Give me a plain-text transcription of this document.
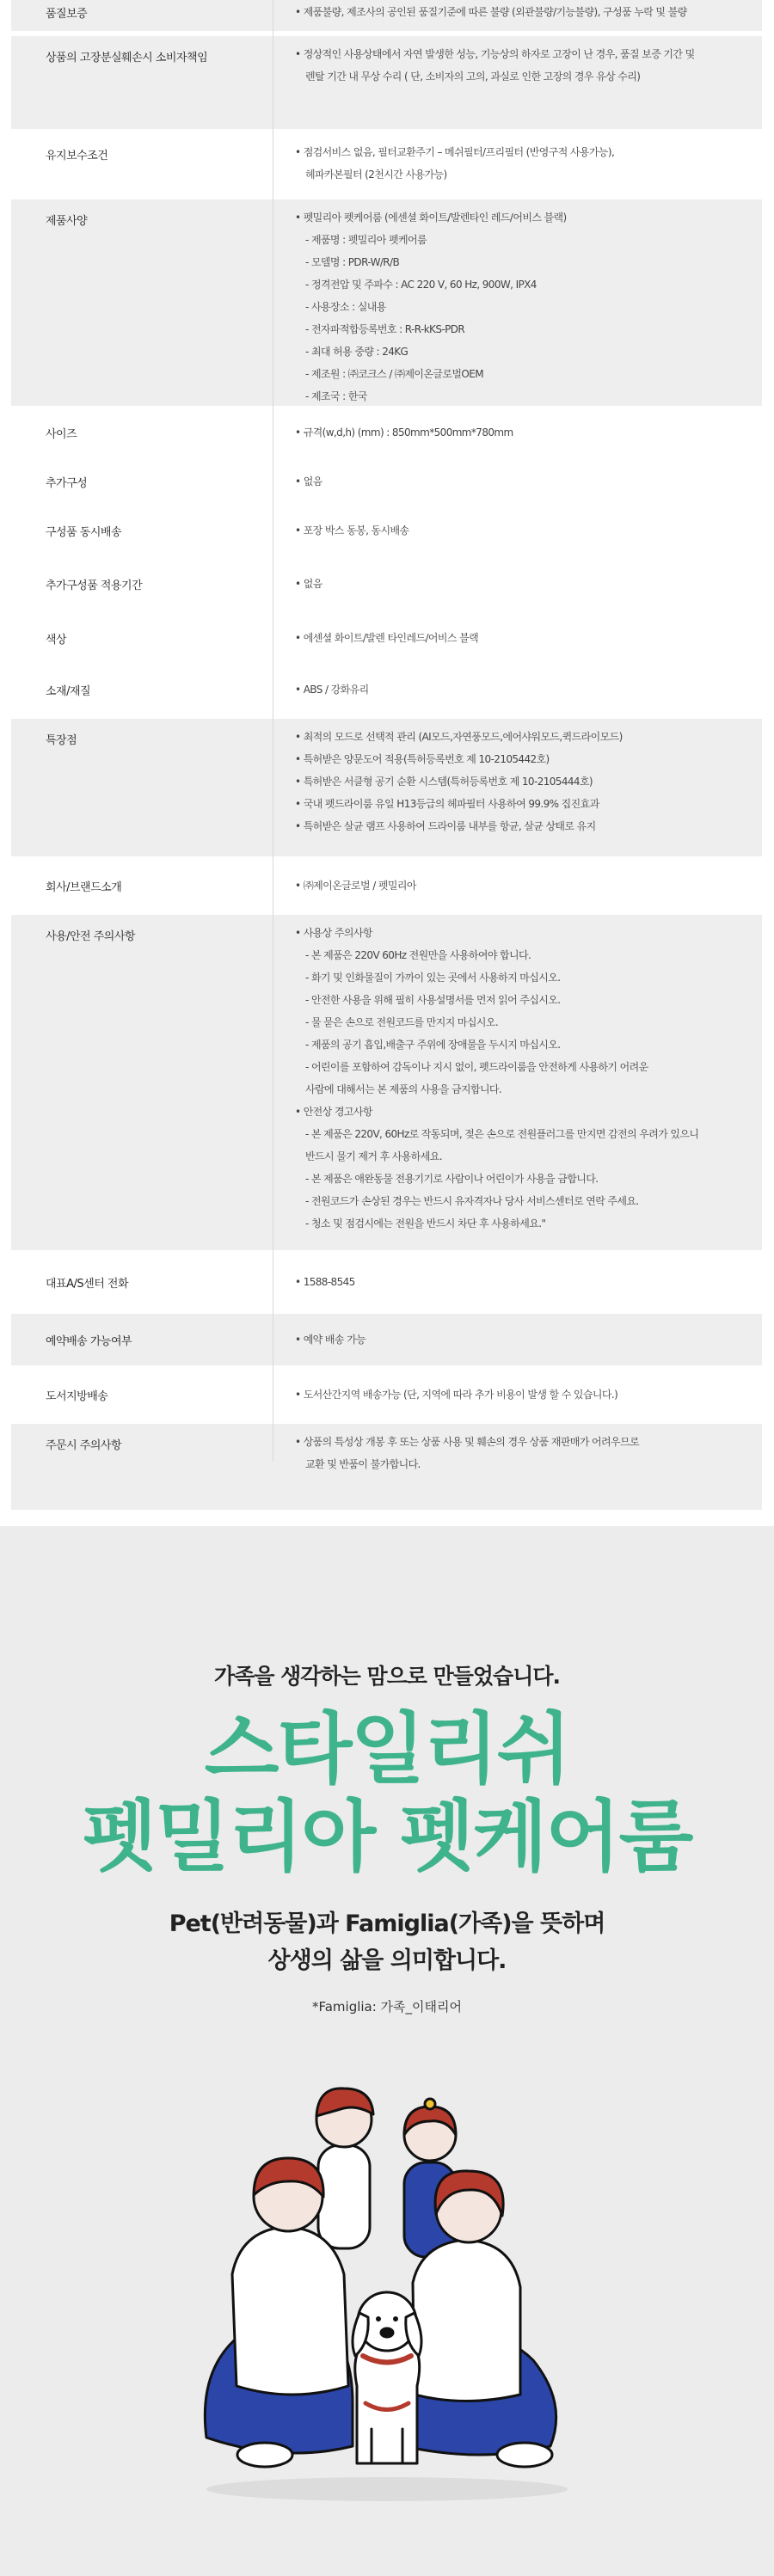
품질보증	• 제품불량, 제조사의 공인된 품질기준에 따른 불량 (외관불량/기능불량), 구성품 누락 및 불량
상품의 고장분실훼손시 소비자책임	• 정상적인 사용상태에서 자연 발생한 성능, 기능상의 하자로 고장이 난 경우, 품질 보증 기간 및
렌탈 기간 내 무상 수리 ( 단, 소비자의 고의, 과실로 인한 고장의 경우 유상 수리)
유지보수조건	• 점검서비스 없음, 필터교환주기 – 메쉬필터/프리필터 (반영구적 사용가능),
헤파카본필터 (2천시간 사용가능)
제품사양	• 펫밀리아 펫케어룸 (에센셜 화이트/발렌타인 레드/어비스 블랙)
- 제품명 : 펫밀리아 펫케어룸
- 모델명 : PDR-W/R/B
- 정격전압 및 주파수 : AC 220 V, 60 Hz, 900W, IPX4
- 사용장소 : 실내용
- 전자파적합등록번호 : R-R-kKS-PDR
- 최대 허용 중량 : 24KG
- 제조원 : ㈜코크스 / ㈜제이온글로벌OEM
- 제조국 : 한국
사이즈	• 규격(w,d,h) (mm) : 850mm*500mm*780mm
추가구성	• 없음
구성품 동시배송	• 포장 박스 동봉, 동시배송
추가구성품 적용기간	• 없음
색상	• 에센셜 화이트/발렌 타인레드/어비스 블랙
소재/재질	• ABS / 강화유리
특장점	• 최적의 모드로 선택적 관리 (AI모드,자연풍모드,에어샤워모드,퀵드라이모드)
• 특허받은 양문도어 적용(특허등록번호 제 10-2105442호)
• 특허받은 서클형 공기 순환 시스템(특허등록번호 제 10-2105444호)
• 국내 펫드라이룸 유일 H13등급의 헤파필터 사용하여 99.9% 집진효과
• 특허받은 살균 램프 사용하여 드라이룸 내부를 항균, 살균 상태로 유지
회사/브랜드소개	• ㈜제이온글로벌 / 펫밀리아
사용/안전 주의사항	• 사용상 주의사항
- 본 제품은 220V 60Hz 전원만을 사용하여야 합니다.
- 화기 및 인화물질이 가까이 있는 곳에서 사용하지 마십시오.
- 안전한 사용을 위해 필히 사용설명서를 먼저 읽어 주십시오.
- 물 묻은 손으로 전원코드를 만지지 마십시오.
- 제품의 공기 흡입,배출구 주위에 장애물을 두시지 마십시오.
- 어린이를 포함하여 감독이나 지시 없이, 펫드라이룸을 안전하게 사용하기 어려운
사람에 대해서는 본 제품의 사용을 금지합니다.
• 안전상 경고사항
- 본 제품은 220V, 60Hz로 작동되며, 젖은 손으로 전원플러그를 만지면 감전의 우려가 있으니
반드시 물기 제거 후 사용하세요.
- 본 제품은 애완동물 전용기기로 사람이나 어린이가 사용을 금합니다.
- 전원코드가 손상된 경우는 반드시 유자격자나 당사 서비스센터로 연락 주세요.
- 청소 및 점검시에는 전원을 반드시 차단 후 사용하세요."
대표A/S센터 전화	• 1588-8545
예약배송 가능여부	• 예약 배송 가능
도서지방배송	• 도서산간지역 배송가능 (단, 지역에 따라 추가 비용이 발생 할 수 있습니다.)
주문시 주의사항	• 상품의 특성상 개봉 후 또는 상품 사용 및 훼손의 경우 상품 재판매가 어려우므로
교환 및 반품이 불가합니다.
가족을 생각하는 맘으로 만들었습니다.
스타일리쉬
펫밀리아 펫케어룸
Pet(반려동물)과 Famiglia(가족)을 뜻하며
상생의 삶을 의미합니다.
*Famiglia: 가족_이태리어
